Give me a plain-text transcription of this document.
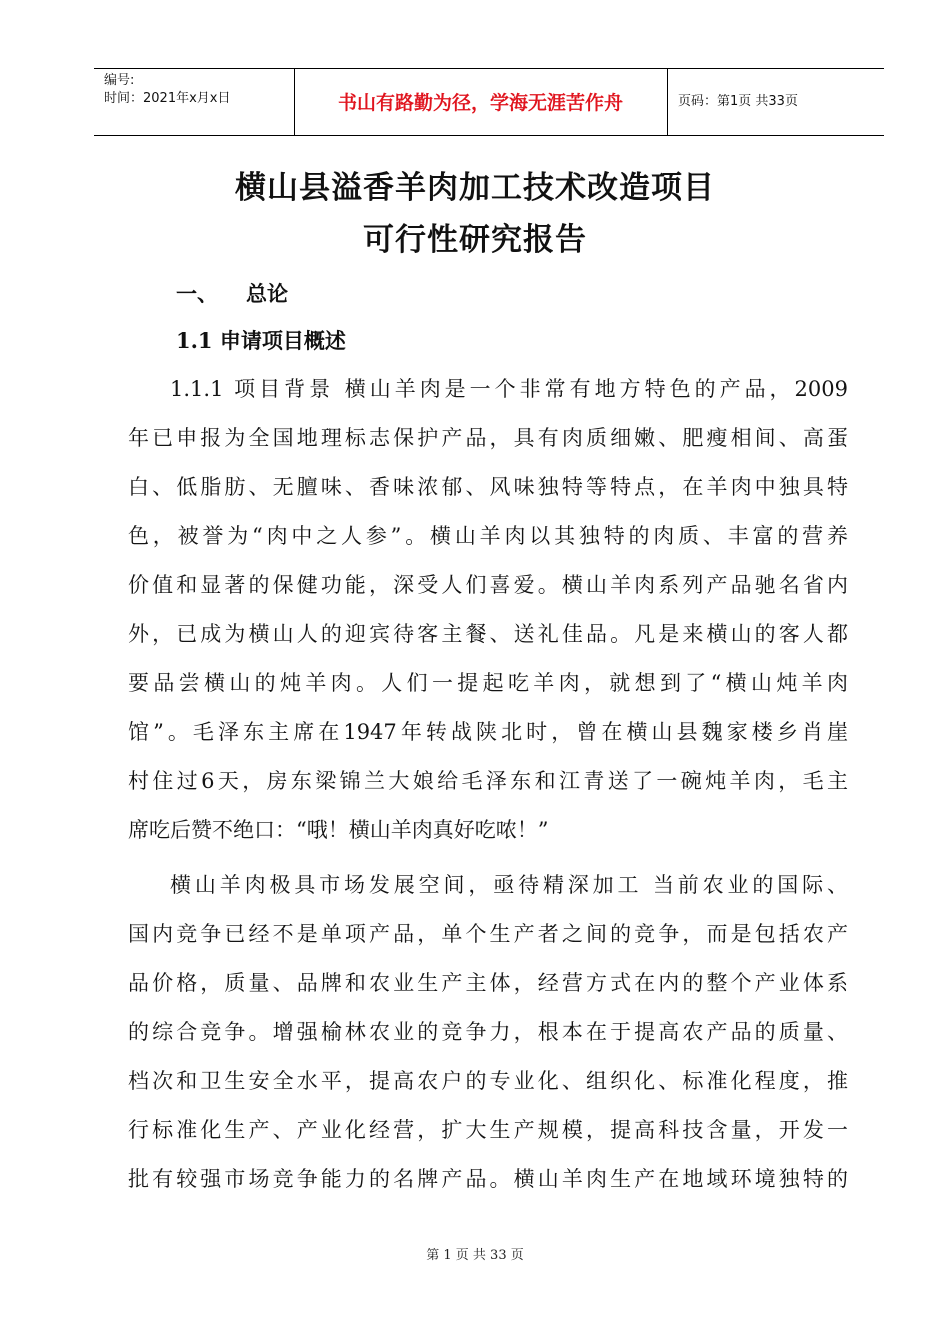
编号:
时间：2021年x月x日	书山有路勤为径，学海无涯苦作舟	页码：第1页 共33页
横山县溢香羊肉加工技术改造项目
可行性研究报告
一、 总论
1.1 申请项目概述
1.1.1 项目背景 横山羊肉是一个非常有地方特色的产品，2009
年已申报为全国地理标志保护产品，具有肉质细嫩、肥瘦相间、高蛋
白、低脂肪、无膻味、香味浓郁、风味独特等特点，在羊肉中独具特
色，被誉为“肉中之人参”。横山羊肉以其独特的肉质、丰富的营养
价值和显著的保健功能，深受人们喜爱。横山羊肉系列产品驰名省内
外，已成为横山人的迎宾待客主餐、送礼佳品。凡是来横山的客人都
要品尝横山的炖羊肉。人们一提起吃羊肉，就想到了“横山炖羊肉
馆”。毛泽东主席在1947年转战陕北时，曾在横山县魏家楼乡肖崖
村住过6天，房东梁锦兰大娘给毛泽东和江青送了一碗炖羊肉，毛主
席吃后赞不绝口：“哦！横山羊肉真好吃哝！”
横山羊肉极具市场发展空间，亟待精深加工 当前农业的国际、
国内竞争已经不是单项产品，单个生产者之间的竞争，而是包括农产
品价格，质量、品牌和农业生产主体，经营方式在内的整个产业体系
的综合竞争。增强榆林农业的竞争力，根本在于提高农产品的质量、
档次和卫生安全水平，提高农户的专业化、组织化、标准化程度，推
行标准化生产、产业化经营，扩大生产规模，提高科技含量，开发一
批有较强市场竞争能力的名牌产品。横山羊肉生产在地域环境独特的
第 1 页 共 33 页
